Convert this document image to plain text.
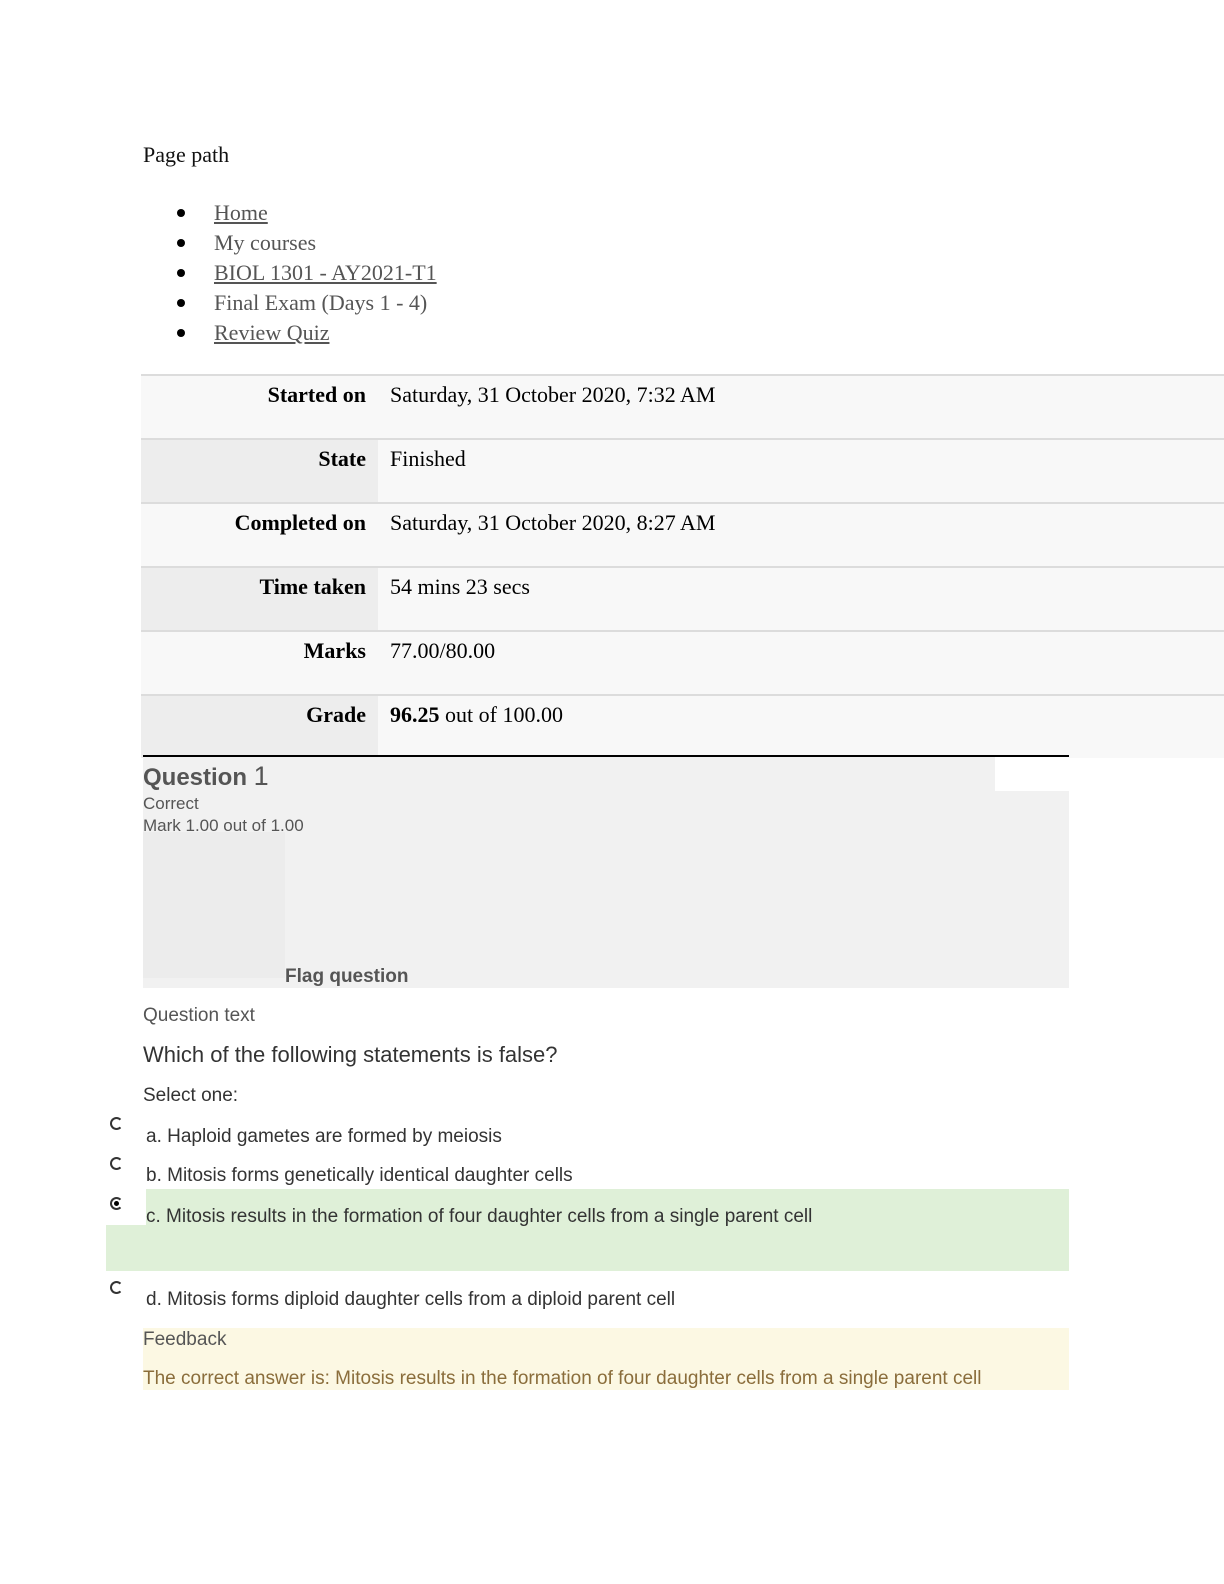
Page path
Home
My courses
BIOL 1301 - AY2021-T1
Final Exam (Days 1 - 4)
Review Quiz
Started on	Saturday, 31 October 2020, 7:32 AM
State	Finished
Completed on	Saturday, 31 October 2020, 8:27 AM
Time taken	54 mins 23 secs
Marks	77.00/80.00
Grade	96.25 out of 100.00
Question 1
Correct
Mark 1.00 out of 1.00
Flag question
Question text
Which of the following statements is false?
Select one:
a. Haploid gametes are formed by meiosis
b. Mitosis forms genetically identical daughter cells
c. Mitosis results in the formation of four daughter cells from a single parent cell
d. Mitosis forms diploid daughter cells from a diploid parent cell
Feedback
The correct answer is: Mitosis results in the formation of four daughter cells from a single parent cell
